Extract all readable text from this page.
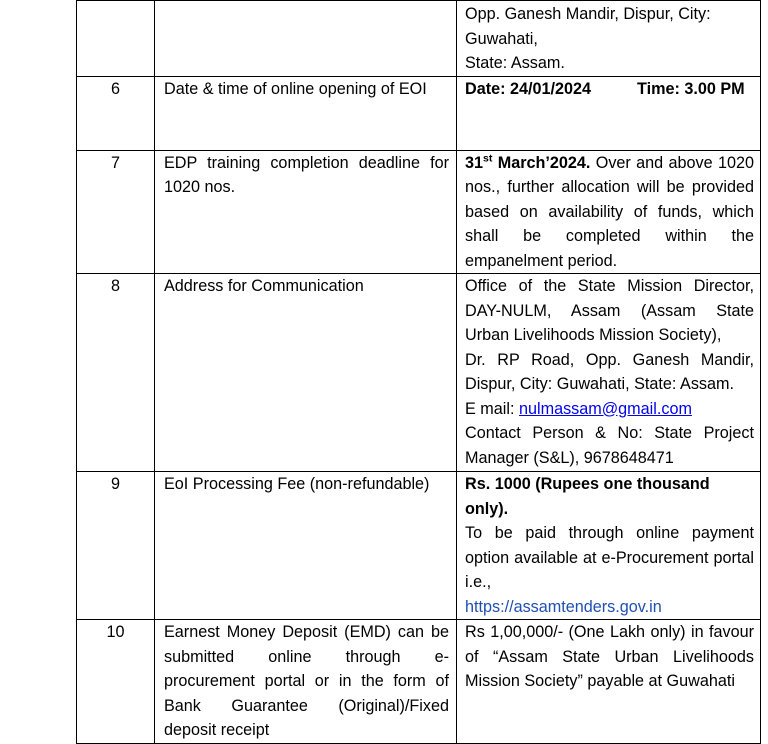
		Opp. Ganesh Mandir, Dispur, City: Guwahati,
State: Assam.

6	Date & time of online opening of EOI	Date: 24/01/2024 Time: 3.00 PM
7	EDP training completion deadline for 1020 nos.	31st March’2024. Over and above 1020 nos., further allocation will be provided based on availability of funds, which shall be completed within the empanelment period.
8	Address for Communication	Office of the State Mission Director, DAY-NULM, Assam (Assam State Urban Livelihoods Mission Society),
Dr. RP Road, Opp. Ganesh Mandir, Dispur, City: Guwahati, State: Assam.
E mail: nulmassam@gmail.com
Contact Person & No: State Project Manager (S&L), 9678648471

9	EoI Processing Fee (non-refundable)	Rs. 1000 (Rupees one thousand only).
To be paid through online payment option available at e-Procurement portal i.e.,
https://assamtenders.gov.in

10	Earnest Money Deposit (EMD) can be submitted online through e-procurement portal or in the form of Bank Guarantee (Original)/Fixed deposit receipt	Rs 1,00,000/- (One Lakh only) in favour of “Assam State Urban Livelihoods Mission Society” payable at Guwahati
